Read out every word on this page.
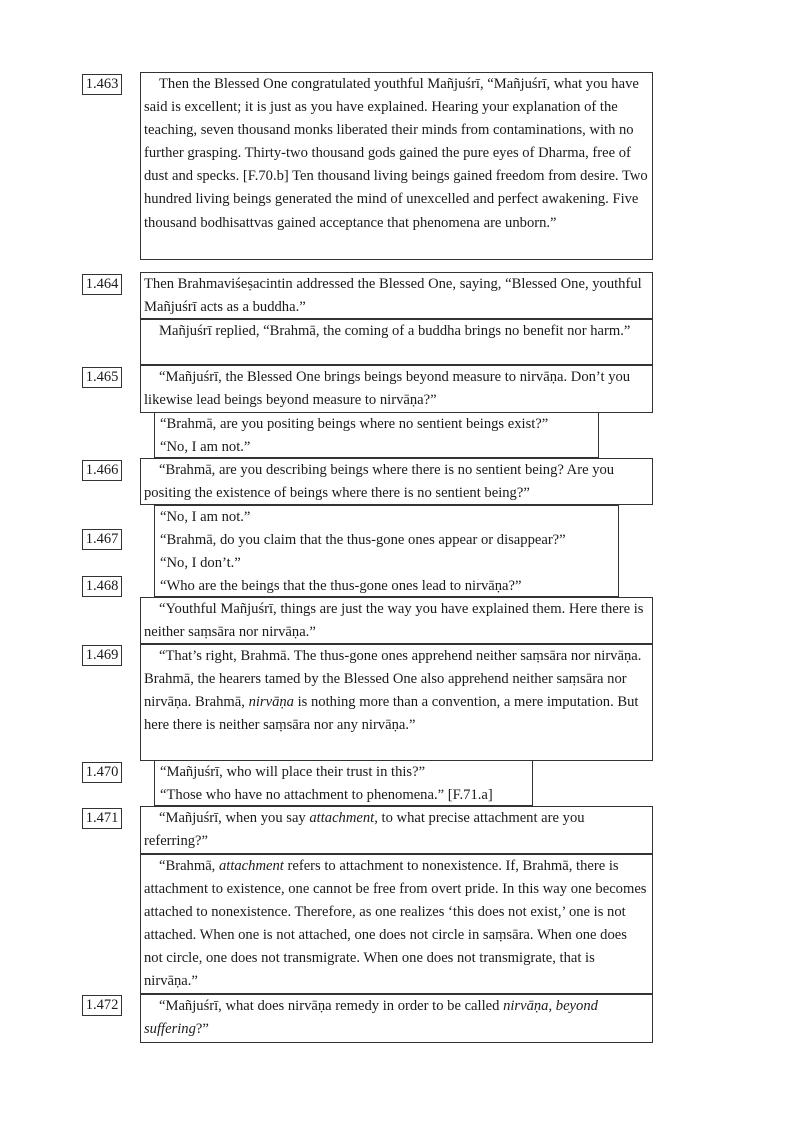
1.463
1.464
1.465
1.466
1.467
1.468
1.469
1.470
1.471
1.472

Then the Blessed One congratulated youthful Mañjuśrī, “Mañjuśrī, what you have said is excellent; it is just as you have explained. Hearing your explanation of the teaching, seven thousand monks liberated their minds from contaminations, with no further grasping. Thirty-two thousand gods gained the pure eyes of Dharma, free of dust and specks. [F.70.b] Ten thousand living beings gained freedom from desire. Two hundred living beings generated the mind of unexcelled and perfect awakening. Five thousand bodhisattvas gained acceptance that phenomena are unborn.”

Then Brahmaviśeṣacintin addressed the Blessed One, saying, “Blessed One, youthful Mañjuśrī acts as a buddha.”

Mañjuśrī replied, “Brahmā, the coming of a buddha brings no benefit nor harm.”

“Mañjuśrī, the Blessed One brings beings beyond measure to nirvāṇa. Don’t you likewise lead beings beyond measure to nirvāṇa?”

“Brahmā, are you positing beings where no sentient beings exist?”

“No, I am not.”

“Brahmā, are you describing beings where there is no sentient being? Are you positing the existence of beings where there is no sentient being?”

“No, I am not.”

“Brahmā, do you claim that the thus-gone ones appear or disappear?”

“No, I don’t.”

“Who are the beings that the thus-gone ones lead to nirvāṇa?”

“Youthful Mañjuśrī, things are just the way you have explained them. Here there is neither saṃsāra nor nirvāṇa.”

“That’s right, Brahmā. The thus-gone ones apprehend neither saṃsāra nor nirvāṇa. Brahmā, the hearers tamed by the Blessed One also apprehend neither saṃsāra nor nirvāṇa. Brahmā, nirvāṇa is nothing more than a convention, a mere imputation. But here there is neither saṃsāra nor any nirvāṇa.”

“Mañjuśrī, who will place their trust in this?”

“Those who have no attachment to phenomena.” [F.71.a]

“Mañjuśrī, when you say attachment, to what precise attachment are you referring?”

“Brahmā, attachment refers to attachment to nonexistence. If, Brahmā, there is attachment to existence, one cannot be free from overt pride. In this way one becomes attached to nonexistence. Therefore, as one realizes ‘this does not exist,’ one is not attached. When one is not attached, one does not circle in saṃsāra. When one does not circle, one does not transmigrate. When one does not transmigrate, that is nirvāṇa.”

“Mañjuśrī, what does nirvāṇa remedy in order to be called nirvāṇa, beyond suffering?”
